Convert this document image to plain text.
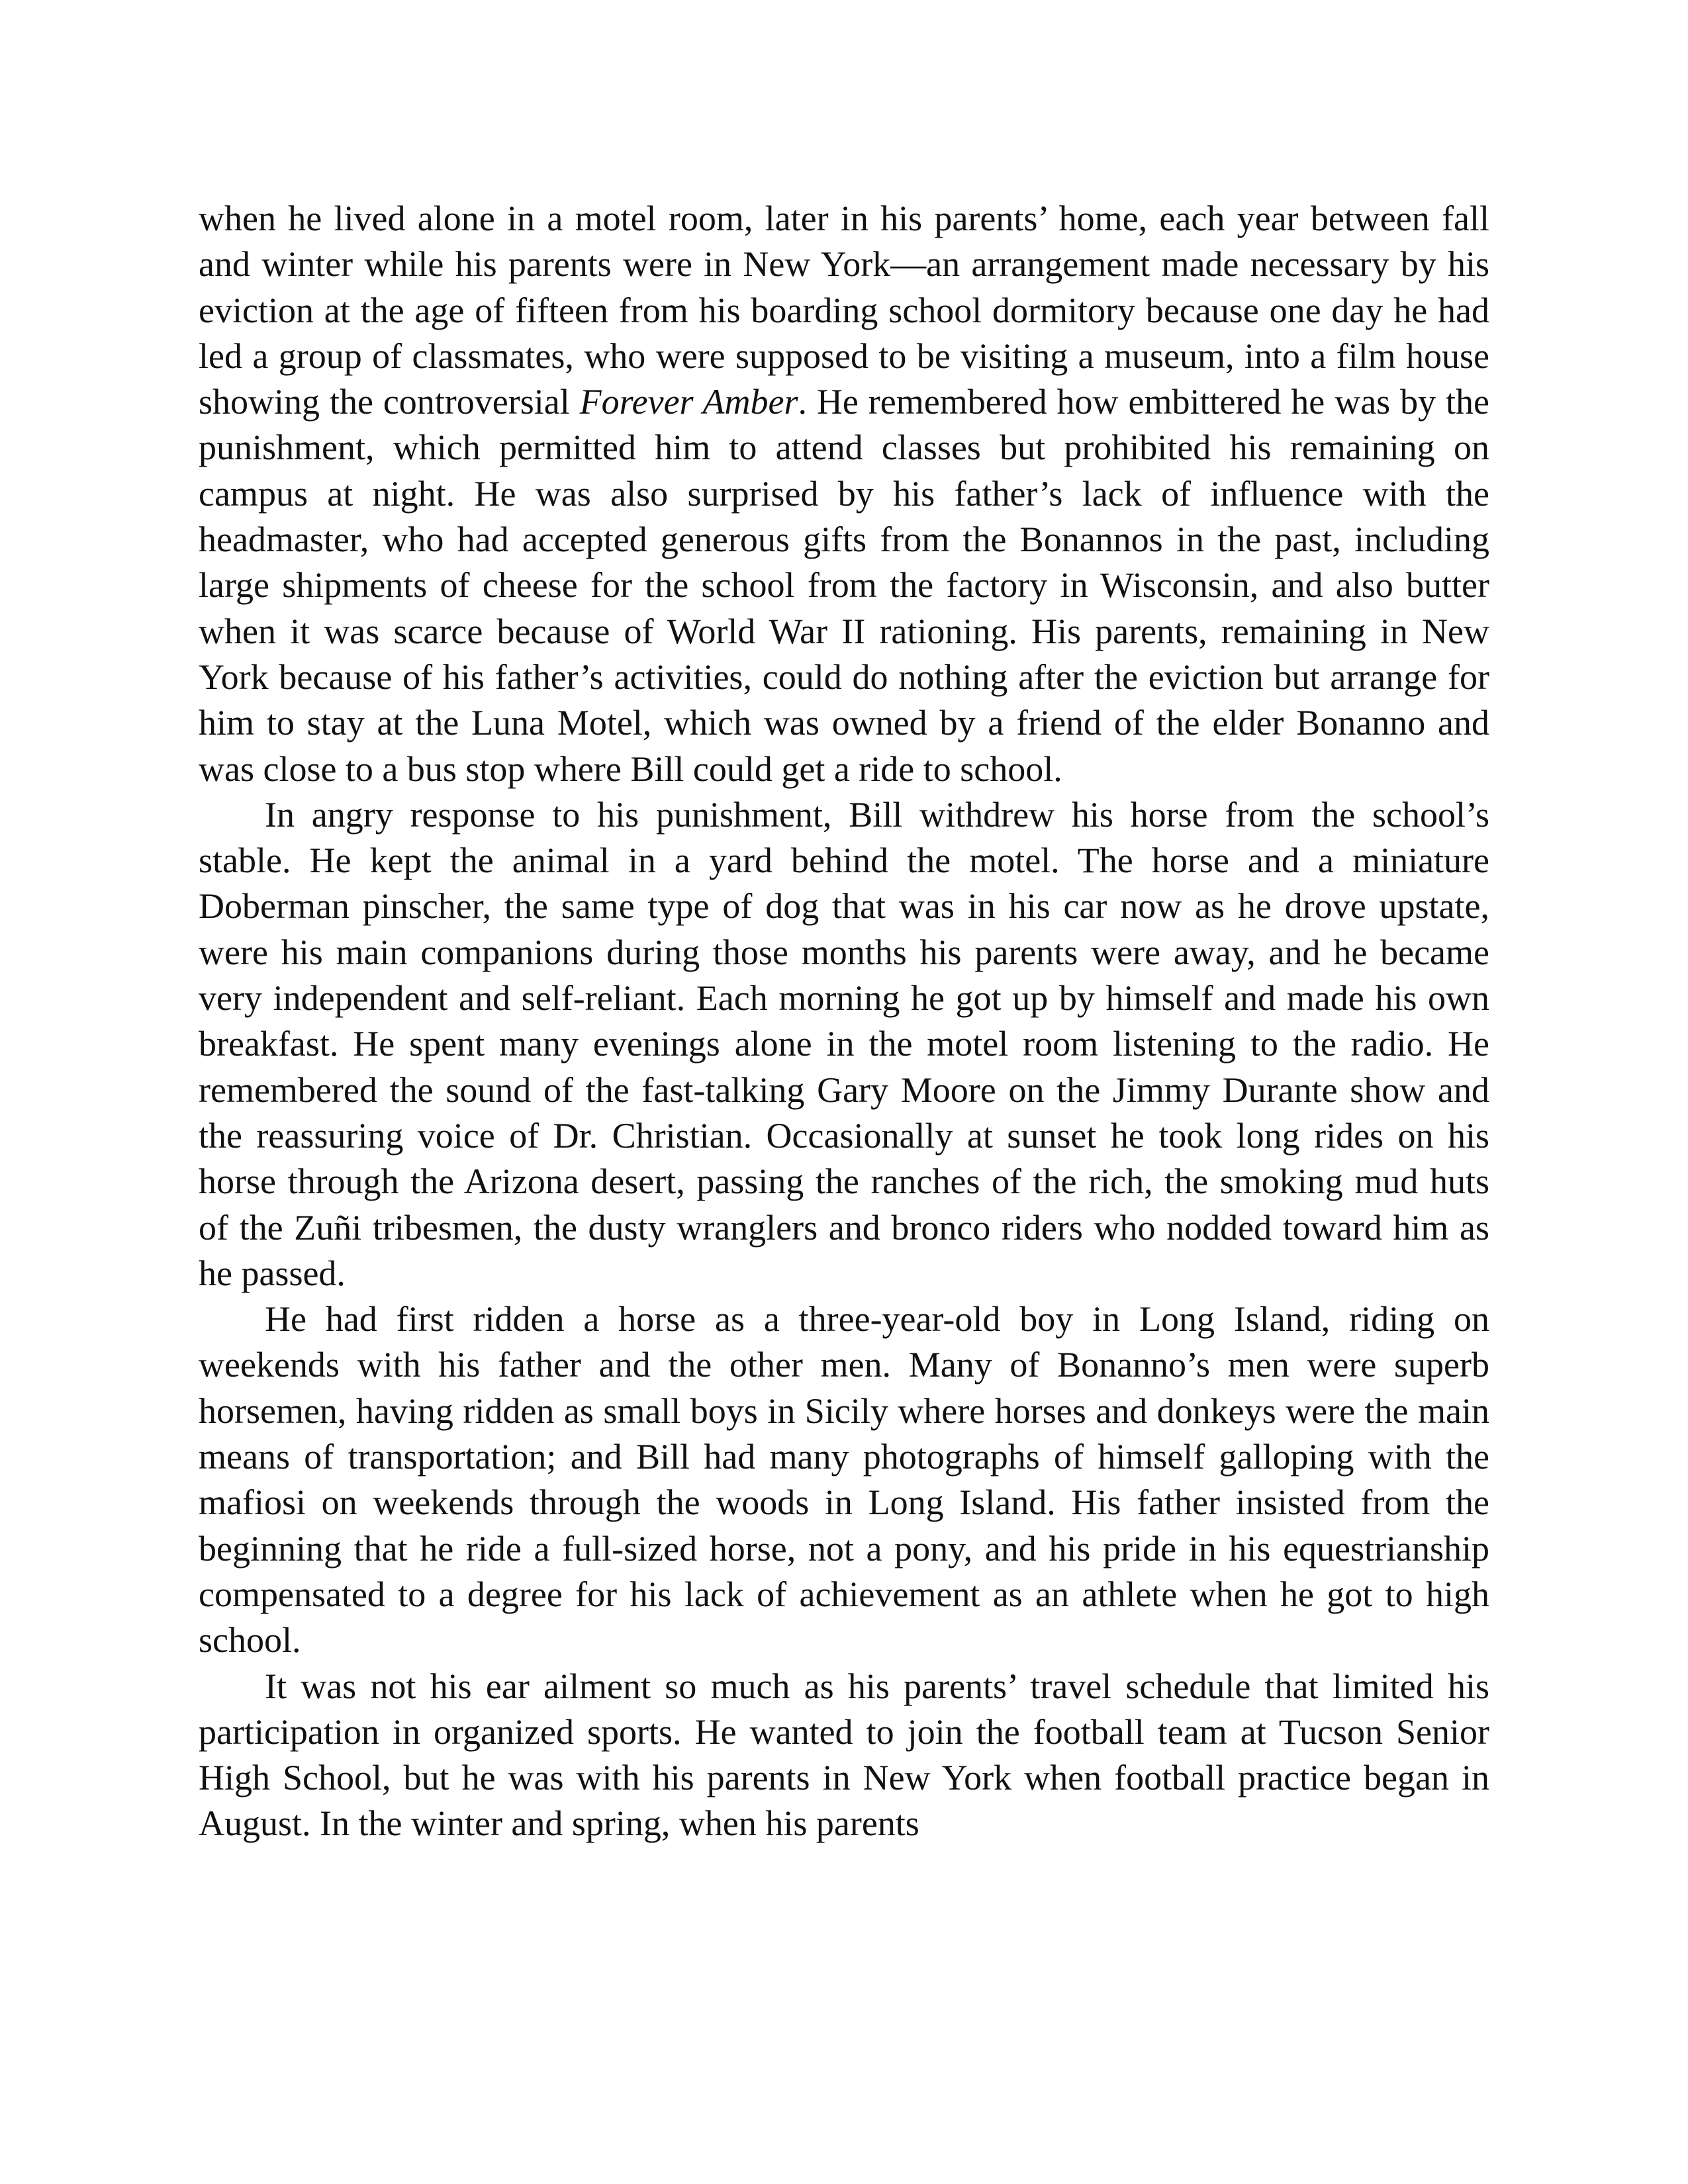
when he lived alone in a motel room, later in his parents’ home, each year between fall and winter while his parents were in New York—an arrangement made necessary by his eviction at the age of fifteen from his boarding school dormitory because one day he had led a group of classmates, who were supposed to be visiting a museum, into a film house showing the controversial Forever Amber. He remembered how embittered he was by the punishment, which permitted him to attend classes but prohibited his remaining on campus at night. He was also surprised by his father’s lack of influence with the headmaster, who had accepted generous gifts from the Bonannos in the past, including large shipments of cheese for the school from the factory in Wisconsin, and also butter when it was scarce because of World War II rationing. His parents, remaining in New York because of his father’s activities, could do nothing after the eviction but arrange for him to stay at the Luna Motel, which was owned by a friend of the elder Bonanno and was close to a bus stop where Bill could get a ride to school.

In angry response to his punishment, Bill withdrew his horse from the school’s stable. He kept the animal in a yard behind the motel. The horse and a miniature Doberman pinscher, the same type of dog that was in his car now as he drove upstate, were his main companions during those months his parents were away, and he became very independent and self-reliant. Each morning he got up by himself and made his own breakfast. He spent many evenings alone in the motel room listening to the radio. He remembered the sound of the fast-talking Gary Moore on the Jimmy Durante show and the reassuring voice of Dr. Christian. Occasionally at sunset he took long rides on his horse through the Arizona desert, passing the ranches of the rich, the smoking mud huts of the Zuñi tribesmen, the dusty wranglers and bronco riders who nodded toward him as he passed.

He had first ridden a horse as a three-year-old boy in Long Island, riding on weekends with his father and the other men. Many of Bonanno’s men were superb horsemen, having ridden as small boys in Sicily where horses and donkeys were the main means of transportation; and Bill had many photographs of himself galloping with the mafiosi on weekends through the woods in Long Island. His father insisted from the beginning that he ride a full-sized horse, not a pony, and his pride in his equestrianship compensated to a degree for his lack of achievement as an athlete when he got to high school.

It was not his ear ailment so much as his parents’ travel schedule that limited his participation in organized sports. He wanted to join the football team at Tucson Senior High School, but he was with his parents in New York when football practice began in August. In the winter and spring, when his parents
